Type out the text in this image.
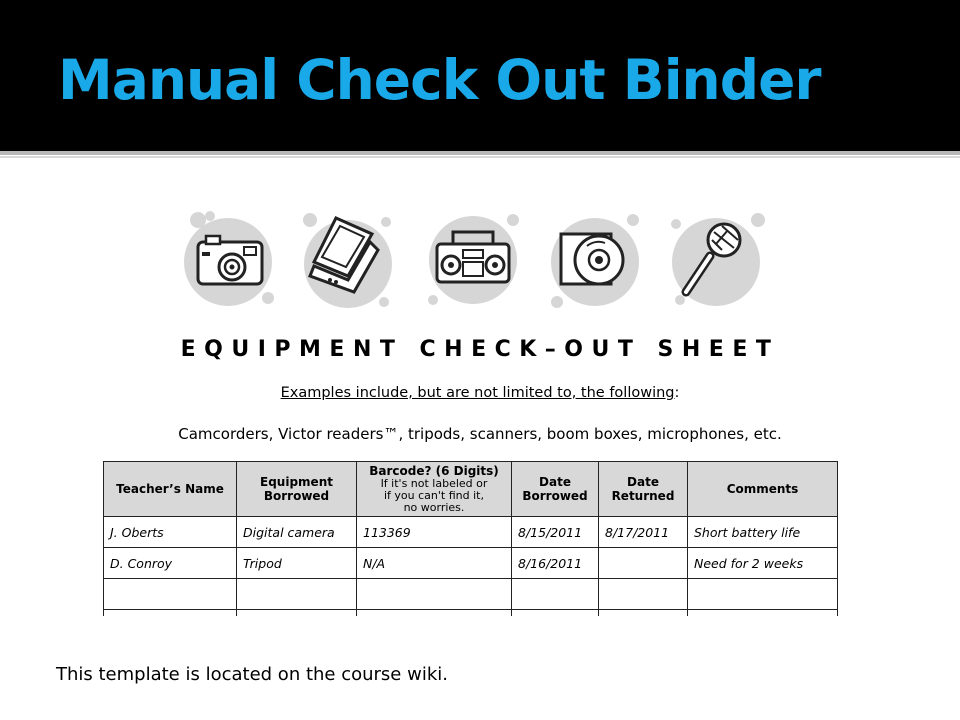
Manual Check Out Binder
EQUIPMENT CHECK–OUT SHEET
Examples include, but are not limited to, the following:
Camcorders, Victor readers™, tripods, scanners, boom boxes, microphones, etc.
Teacher’s Name	Equipment Borrowed	Barcode? (6 Digits)
If it's not labeled or
if you can't find it,
no worries.	Date Borrowed	Date Returned	Comments
J. Oberts	Digital camera	113369	8/15/2011	8/17/2011	Short battery life
D. Conroy	Tripod	N/A	8/16/2011		Need for 2 weeks

This template is located on the course wiki.
